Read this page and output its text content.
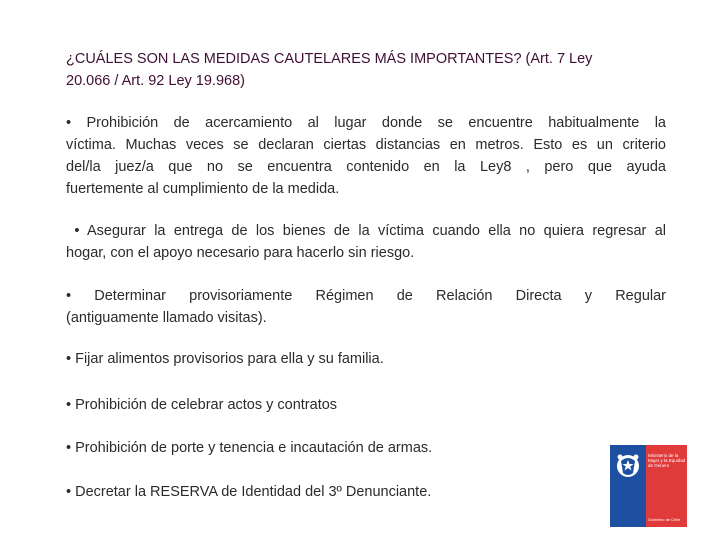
¿CUÁLES SON LAS MEDIDAS CAUTELARES MÁS IMPORTANTES? (Art. 7 Ley 20.066 / Art. 92 Ley 19.968)
• Prohibición de acercamiento al lugar donde se encuentre habitualmente la
víctima. Muchas veces se declaran ciertas distancias en metros. Esto es un criterio
del/la juez/a que no se encuentra contenido en la Ley8 , pero que ayuda
fuertemente al cumplimiento de la medida.
• Asegurar la entrega de los bienes de la víctima cuando ella no quiera regresar al
hogar, con el apoyo necesario para hacerlo sin riesgo.
• Determinar provisoriamente Régimen de Relación Directa y Regular
(antiguamente llamado visitas).
• Fijar alimentos provisorios para ella y su familia.
• Prohibición de celebrar actos y contratos
• Prohibición de porte y tenencia e incautación de armas.
• Decretar la RESERVA de Identidad del 3º Denunciante.
Ministerio de la Mujer y la Equidad de Género
Gobierno de Chile
